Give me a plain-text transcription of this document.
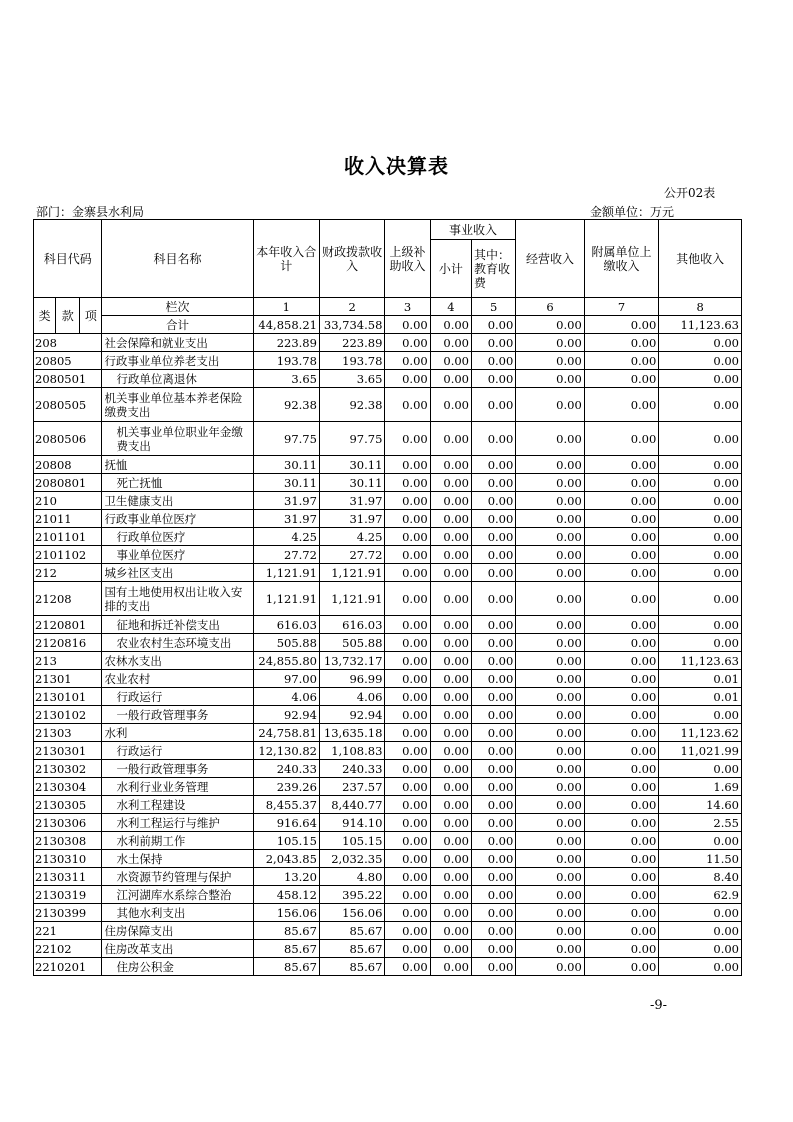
收入决算表
公开02表
部门：金寨县水利局	金额单位：万元
科目代码			科目名称	本年收入合计	财政拨款收入	上级补助收入	事业收入		经营收入	附属单位上缴收入	其他收入
							小计	其中：教育收费			

类	款	项	栏次	1	2	3	4	5	6	7	8
			合计	44,858.21	33,734.58	0.00	0.00	0.00	0.00	0.00	11,123.63
208			社会保障和就业支出	223.89	223.89	0.00	0.00	0.00	0.00	0.00	0.00
20805			行政事业单位养老支出	193.78	193.78	0.00	0.00	0.00	0.00	0.00	0.00
2080501			行政单位离退休	3.65	3.65	0.00	0.00	0.00	0.00	0.00	0.00
2080505			机关事业单位基本养老保险缴费支出	92.38	92.38	0.00	0.00	0.00	0.00	0.00	0.00
2080506			机关事业单位职业年金缴费支出	97.75	97.75	0.00	0.00	0.00	0.00	0.00	0.00
20808			抚恤	30.11	30.11	0.00	0.00	0.00	0.00	0.00	0.00
2080801			死亡抚恤	30.11	30.11	0.00	0.00	0.00	0.00	0.00	0.00
210			卫生健康支出	31.97	31.97	0.00	0.00	0.00	0.00	0.00	0.00
21011			行政事业单位医疗	31.97	31.97	0.00	0.00	0.00	0.00	0.00	0.00
2101101			行政单位医疗	4.25	4.25	0.00	0.00	0.00	0.00	0.00	0.00
2101102			事业单位医疗	27.72	27.72	0.00	0.00	0.00	0.00	0.00	0.00
212			城乡社区支出	1,121.91	1,121.91	0.00	0.00	0.00	0.00	0.00	0.00
21208			国有土地使用权出让收入安排的支出	1,121.91	1,121.91	0.00	0.00	0.00	0.00	0.00	0.00
2120801			征地和拆迁补偿支出	616.03	616.03	0.00	0.00	0.00	0.00	0.00	0.00
2120816			农业农村生态环境支出	505.88	505.88	0.00	0.00	0.00	0.00	0.00	0.00
213			农林水支出	24,855.80	13,732.17	0.00	0.00	0.00	0.00	0.00	11,123.63
21301			农业农村	97.00	96.99	0.00	0.00	0.00	0.00	0.00	0.01
2130101			行政运行	4.06	4.06	0.00	0.00	0.00	0.00	0.00	0.01
2130102			一般行政管理事务	92.94	92.94	0.00	0.00	0.00	0.00	0.00	0.00
21303			水利	24,758.81	13,635.18	0.00	0.00	0.00	0.00	0.00	11,123.62
2130301			行政运行	12,130.82	1,108.83	0.00	0.00	0.00	0.00	0.00	11,021.99
2130302			一般行政管理事务	240.33	240.33	0.00	0.00	0.00	0.00	0.00	0.00
2130304			水利行业业务管理	239.26	237.57	0.00	0.00	0.00	0.00	0.00	1.69
2130305			水利工程建设	8,455.37	8,440.77	0.00	0.00	0.00	0.00	0.00	14.60
2130306			水利工程运行与维护	916.64	914.10	0.00	0.00	0.00	0.00	0.00	2.55
2130308			水利前期工作	105.15	105.15	0.00	0.00	0.00	0.00	0.00	0.00
2130310			水土保持	2,043.85	2,032.35	0.00	0.00	0.00	0.00	0.00	11.50
2130311			水资源节约管理与保护	13.20	4.80	0.00	0.00	0.00	0.00	0.00	8.40
2130319			江河湖库水系综合整治	458.12	395.22	0.00	0.00	0.00	0.00	0.00	62.9
2130399			其他水利支出	156.06	156.06	0.00	0.00	0.00	0.00	0.00	0.00
221			住房保障支出	85.67	85.67	0.00	0.00	0.00	0.00	0.00	0.00
22102			住房改革支出	85.67	85.67	0.00	0.00	0.00	0.00	0.00	0.00
2210201			住房公积金	85.67	85.67	0.00	0.00	0.00	0.00	0.00	0.00
-9-
